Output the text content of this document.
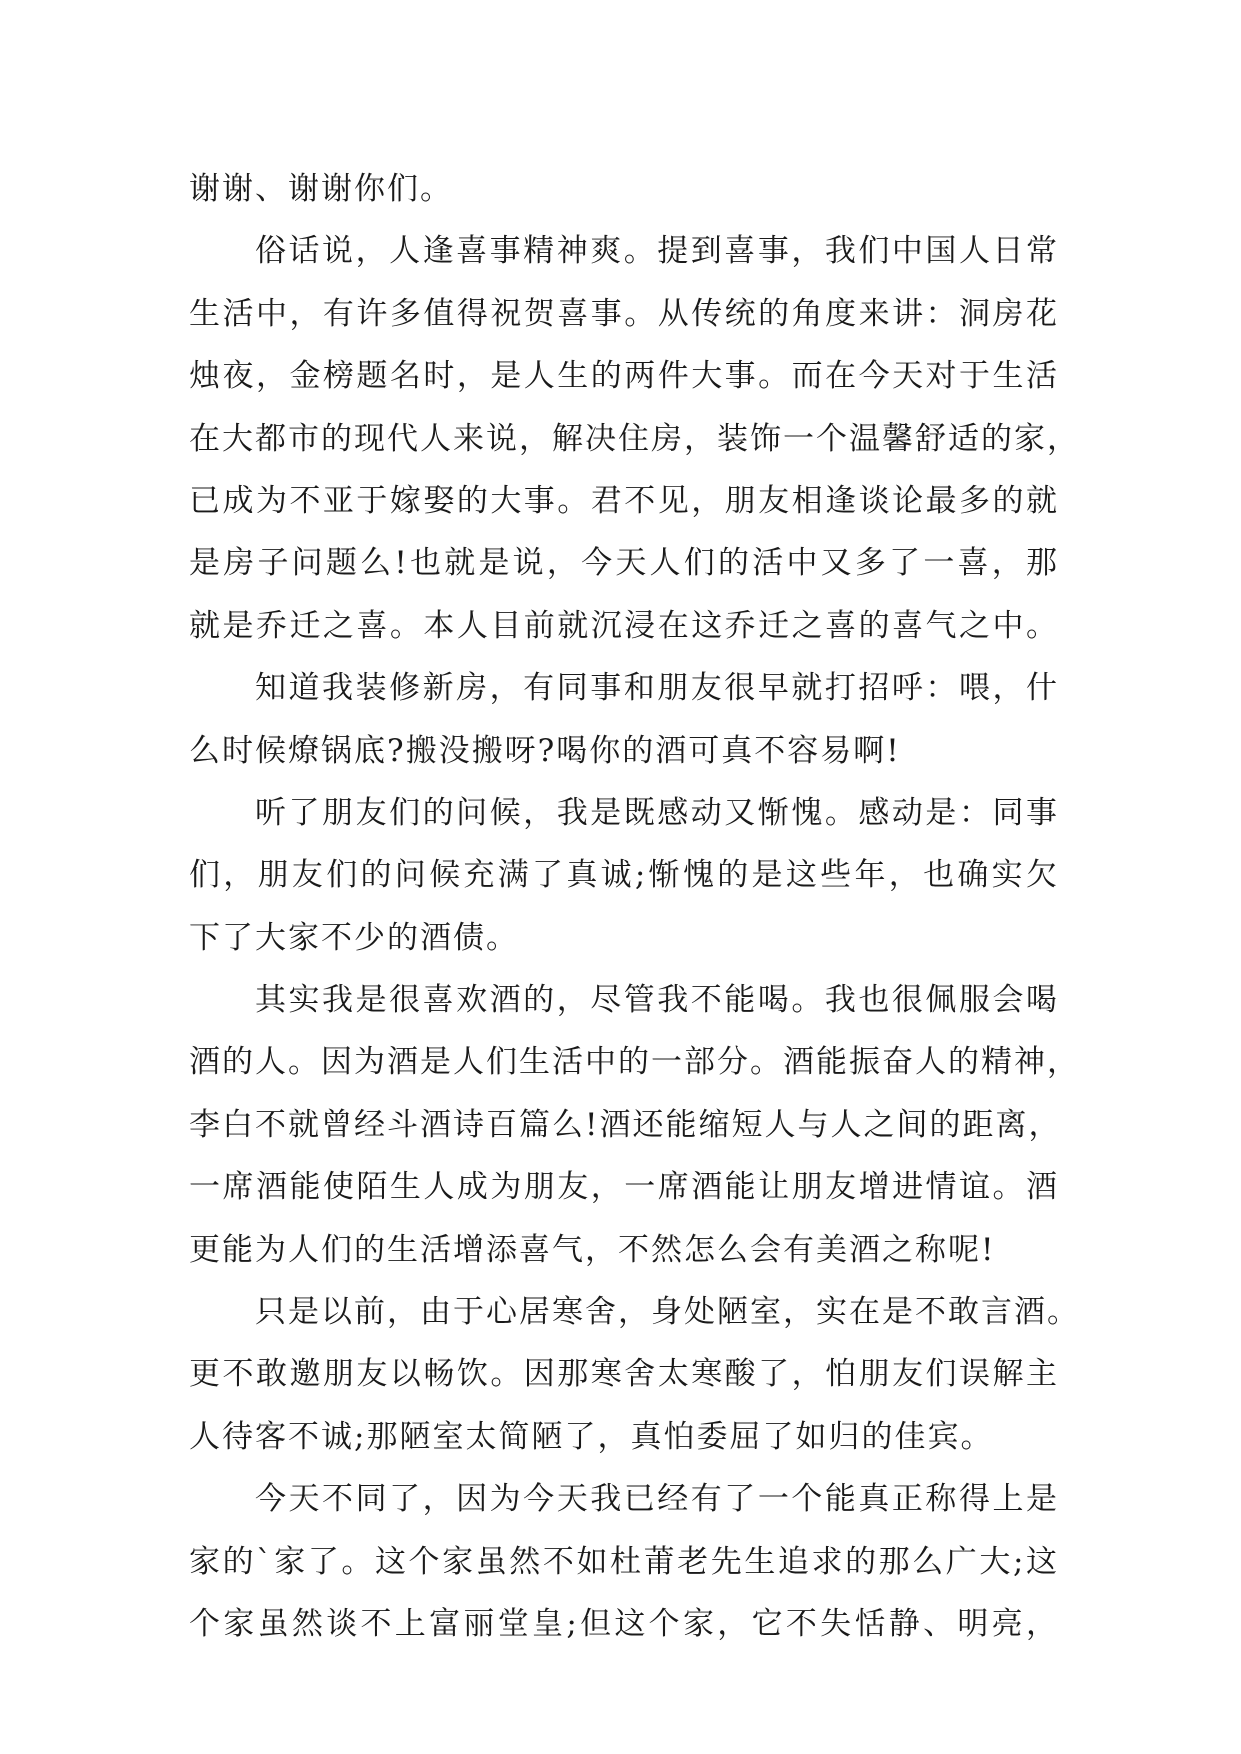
谢谢、谢谢你们。
俗话说，人逢喜事精神爽。提到喜事，我们中国人日常
生活中，有许多值得祝贺喜事。从传统的角度来讲：洞房花
烛夜，金榜题名时，是人生的两件大事。而在今天对于生活
在大都市的现代人来说，解决住房，装饰一个温馨舒适的家，
已成为不亚于嫁娶的大事。君不见，朋友相逢谈论最多的就
是房子问题么!也就是说，今天人们的活中又多了一喜，那
就是乔迁之喜。本人目前就沉浸在这乔迁之喜的喜气之中。
知道我装修新房，有同事和朋友很早就打招呼：喂，什
么时候燎锅底?搬没搬呀?喝你的酒可真不容易啊!
听了朋友们的问候，我是既感动又惭愧。感动是：同事
们，朋友们的问候充满了真诚;惭愧的是这些年，也确实欠
下了大家不少的酒债。
其实我是很喜欢酒的，尽管我不能喝。我也很佩服会喝
酒的人。因为酒是人们生活中的一部分。酒能振奋人的精神，
李白不就曾经斗酒诗百篇么!酒还能缩短人与人之间的距离，
一席酒能使陌生人成为朋友，一席酒能让朋友增进情谊。酒
更能为人们的生活增添喜气，不然怎么会有美酒之称呢!
只是以前，由于心居寒舍，身处陋室，实在是不敢言酒。
更不敢邀朋友以畅饮。因那寒舍太寒酸了，怕朋友们误解主
人待客不诚;那陋室太简陋了，真怕委屈了如归的佳宾。
今天不同了，因为今天我已经有了一个能真正称得上是
家的`家了。这个家虽然不如杜莆老先生追求的那么广大;这
个家虽然谈不上富丽堂皇;但这个家，它不失恬静、明亮，
